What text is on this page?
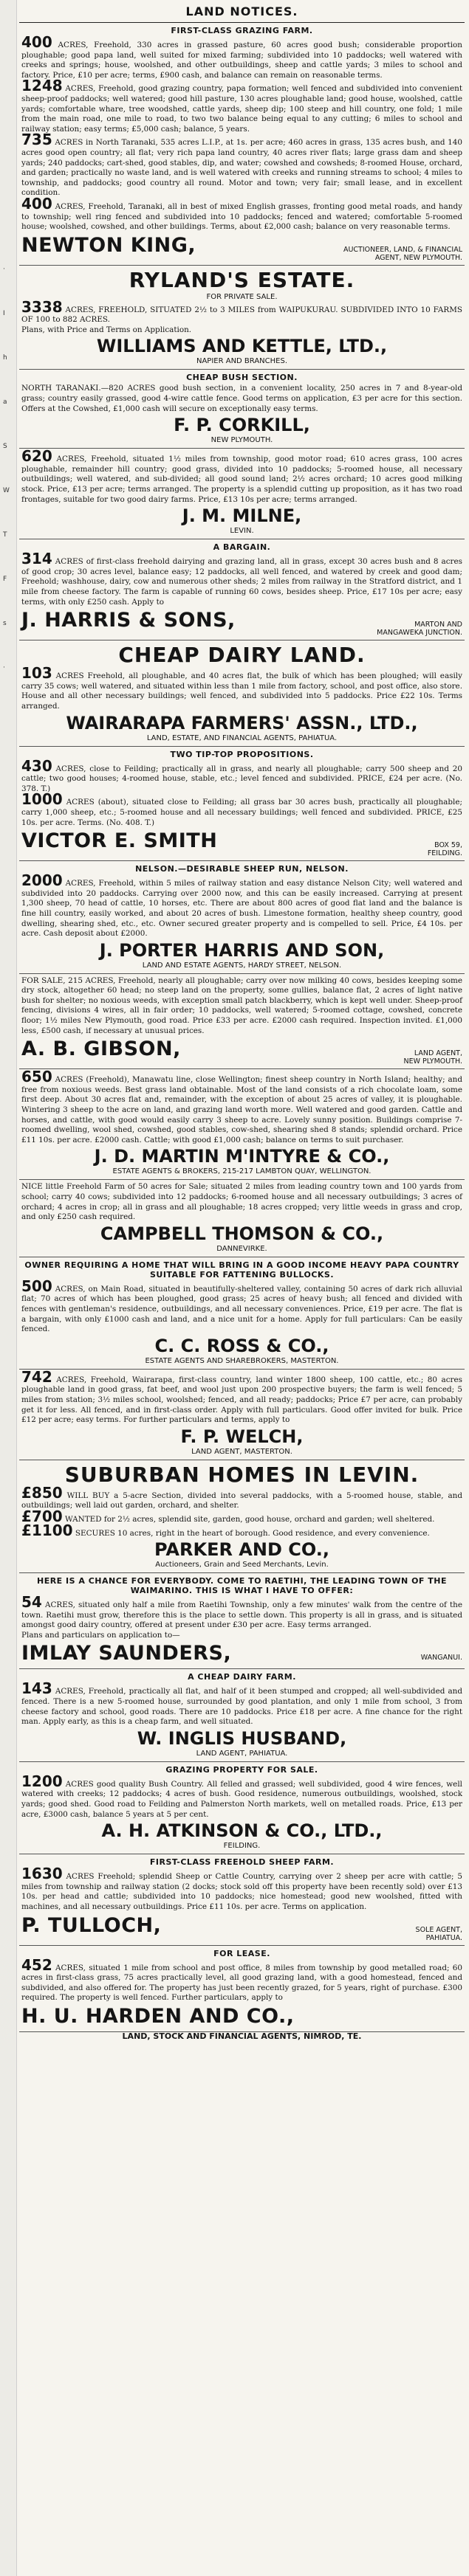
·
I
h
a
S
W
T
F
s
·
LAND NOTICES.
FIRST-CLASS GRAZING FARM.

400 ACRES, Freehold, 330 acres in grassed pasture, 60 acres good bush; considerable proportion ploughable; good papa land, well suited for mixed farming; subdivided into 10 paddocks; well watered with creeks and springs; house, woolshed, and other outbuildings, sheep and cattle yards; 3 miles to school and factory. Price, £10 per acre; terms, £900 cash, and balance can remain on reasonable terms.

1248 ACRES, Freehold, good grazing country, papa formation; well fenced and subdivided into convenient sheep-proof paddocks; well watered; good hill pasture, 130 acres ploughable land; good house, woolshed, cattle yards; comfortable whare, tree woodshed, cattle yards, sheep dip; 100 steep and hill country, one fold; 1 mile from the main road, one mile to road, to two two balance being equal to any cutting; 6 miles to school and railway station; easy terms; £5,000 cash; balance, 5 years.

735 ACRES in North Taranaki, 535 acres L.I.P., at 1s. per acre; 460 acres in grass, 135 acres bush, and 140 acres good open country; all flat; very rich papa land country, 40 acres river flats; large grass dam and sheep yards; 240 paddocks; cart-shed, good stables, dip, and water; cowshed and cowsheds; 8-roomed House, orchard, and garden; practically no waste land, and is well watered with creeks and running streams to school; 4 miles to township, and paddocks; good country all round. Motor and town; very fair; small lease, and in excellent condition.

400 ACRES, Freehold, Taranaki, all in best of mixed English grasses, fronting good metal roads, and handy to township; well ring fenced and subdivided into 10 paddocks; fenced and watered; comfortable 5-roomed house; woolshed, cowshed, and other buildings. Terms, about £2,000 cash; balance on very reasonable terms.

NEWTON KING,	AUCTIONEER, LAND, & FINANCIAL
AGENT, NEW PLYMOUTH.
RYLAND'S ESTATE.
FOR PRIVATE SALE.

3338 ACRES, FREEHOLD, SITUATED 2½ to 3 MILES from WAIPUKURAU. SUBDIVIDED INTO 10 FARMS OF 100 to 882 ACRES.

Plans, with Price and Terms on Application.

WILLIAMS AND KETTLE, LTD.,
NAPIER AND BRANCHES.
CHEAP BUSH SECTION.

NORTH TARANAKI.—820 ACRES good bush section, in a convenient locality, 250 acres in 7 and 8-year-old grass; country easily grassed, good 4-wire cattle fence. Good terms on application, £3 per acre for this section. Offers at the Cowshed, £1,000 cash will secure on exceptionally easy terms.

F. P. CORKILL,
NEW PLYMOUTH.

620 ACRES, Freehold, situated 1½ miles from township, good motor road; 610 acres grass, 100 acres ploughable, remainder hill country; good grass, divided into 10 paddocks; 5-roomed house, all necessary outbuildings; well watered, and sub-divided; all good sound land; 2½ acres orchard; 10 acres good milking stock. Price, £13 per acre; terms arranged. The property is a splendid cutting up proposition, as it has two road frontages, suitable for two good dairy farms. Price, £13 10s per acre; terms arranged.

J. M. MILNE,
LEVIN.
A BARGAIN.

314 ACRES of first-class freehold dairying and grazing land, all in grass, except 30 acres bush and 8 acres of good crop; 30 acres level, balance easy; 12 paddocks, all well fenced, and watered by creek and good dam; Freehold; washhouse, dairy, cow and numerous other sheds; 2 miles from railway in the Stratford district, and 1 mile from cheese factory. The farm is capable of running 60 cows, besides sheep. Price, £17 10s per acre; easy terms, with only £250 cash. Apply to

J. HARRIS & SONS,	MARTON AND
MANGAWEKA JUNCTION.
CHEAP DAIRY LAND.

103 ACRES Freehold, all ploughable, and 40 acres flat, the bulk of which has been ploughed; will easily carry 35 cows; well watered, and situated within less than 1 mile from factory, school, and post office, also store. House and all other necessary buildings; well fenced, and subdivided into 5 paddocks. Price £22 10s. Terms arranged.

WAIRARAPA FARMERS' ASSN., LTD.,
LAND, ESTATE, AND FINANCIAL AGENTS, PAHIATUA.
TWO TIP-TOP PROPOSITIONS.

430 ACRES, close to Feilding; practically all in grass, and nearly all ploughable; carry 500 sheep and 20 cattle; two good houses; 4-roomed house, stable, etc.; level fenced and subdivided. PRICE, £24 per acre. (No. 378. T.)

1000 ACRES (about), situated close to Feilding; all grass bar 30 acres bush, practically all ploughable; carry 1,000 sheep, etc.; 5-roomed house and all necessary buildings; well fenced and subdivided. PRICE, £25 10s. per acre. Terms. (No. 408. T.)

VICTOR E. SMITH	BOX 59,
FEILDING.
NELSON.—DESIRABLE SHEEP RUN, NELSON.

2000 ACRES, Freehold, within 5 miles of railway station and easy distance Nelson City; well watered and subdivided into 20 paddocks. Carrying over 2000 now, and this can be easily increased. Carrying at present 1,300 sheep, 70 head of cattle, 10 horses, etc. There are about 800 acres of good flat land and the balance is fine hill country, easily worked, and about 20 acres of bush. Limestone formation, healthy sheep country, good dwelling, shearing shed, etc., etc. Owner secured greater property and is compelled to sell. Price, £4 10s. per acre. Cash deposit about £2000.

J. PORTER HARRIS AND SON,
LAND AND ESTATE AGENTS, HARDY STREET, NELSON.

FOR SALE, 215 ACRES, Freehold, nearly all ploughable; carry over now milking 40 cows, besides keeping some dry stock, altogether 60 head; no steep land on the property, some gullies, balance flat, 2 acres of light native bush for shelter; no noxious weeds, with exception small patch blackberry, which is kept well under. Sheep-proof fencing, divisions 4 wires, all in fair order; 10 paddocks, well watered; 5-roomed cottage, cowshed, concrete floor; 1½ miles New Plymouth, good road. Price £33 per acre. £2000 cash required. Inspection invited. £1,000 less, £500 cash, if necessary at unusual prices.

A. B. GIBSON,	LAND AGENT,
NEW PLYMOUTH.

650 ACRES (Freehold), Manawatu line, close Wellington; finest sheep country in North Island; healthy; and free from noxious weeds. Best grass land obtainable. Most of the land consists of a rich chocolate loam, some first deep. About 30 acres flat and, remainder, with the exception of about 25 acres of valley, it is ploughable. Wintering 3 sheep to the acre on land, and grazing land worth more. Well watered and good garden. Cattle and horses, and cattle, with good would easily carry 3 sheep to acre. Lovely sunny position. Buildings comprise 7-roomed dwelling, wool shed, cowshed, good stables, cow-shed, shearing shed 8 stands; splendid orchard. Price £11 10s. per acre. £2000 cash. Cattle; with good £1,000 cash; balance on terms to suit purchaser.

J. D. MARTIN M'INTYRE & CO.,
ESTATE AGENTS & BROKERS, 215-217 LAMBTON QUAY, WELLINGTON.

NICE little Freehold Farm of 50 acres for Sale; situated 2 miles from leading country town and 100 yards from school; carry 40 cows; subdivided into 12 paddocks; 6-roomed house and all necessary outbuildings; 3 acres of orchard; 4 acres in crop; all in grass and all ploughable; 18 acres cropped; very little weeds in grass and crop, and only £250 cash required.

CAMPBELL THOMSON & CO.,
DANNEVIRKE.
OWNER REQUIRING A HOME THAT WILL BRING IN A GOOD INCOME HEAVY PAPA COUNTRY SUITABLE FOR FATTENING BULLOCKS.

500 ACRES, on Main Road, situated in beautifully-sheltered valley, containing 50 acres of dark rich alluvial flat; 70 acres of which has been ploughed, good grass; 25 acres of heavy bush; all fenced and divided with fences with gentleman's residence, outbuildings, and all necessary conveniences. Price, £19 per acre. The flat is a bargain, with only £1000 cash and land, and a nice unit for a home. Apply for full particulars: Can be easily fenced.

C. C. ROSS & CO.,
ESTATE AGENTS AND SHAREBROKERS, MASTERTON.

742 ACRES, Freehold, Wairarapa, first-class country, land winter 1800 sheep, 100 cattle, etc.; 80 acres ploughable land in good grass, fat beef, and wool just upon 200 prospective buyers; the farm is well fenced; 5 miles from station; 3½ miles school, woolshed; fenced, and all ready; paddocks; Price £7 per acre, can probably get it for less. All fenced, and in first-class order. Apply with full particulars. Good offer invited for bulk. Price £12 per acre; easy terms. For further particulars and terms, apply to

F. P. WELCH,
LAND AGENT, MASTERTON.
SUBURBAN HOMES IN LEVIN.

£850 WILL BUY a 5-acre Section, divided into several paddocks, with a 5-roomed house, stable, and outbuildings; well laid out garden, orchard, and shelter.

£700 WANTED for 2½ acres, splendid site, garden, good house, orchard and garden; well sheltered.

£1100 SECURES 10 acres, right in the heart of borough. Good residence, and every convenience.

PARKER AND CO.,
Auctioneers, Grain and Seed Merchants, Levin.
HERE IS A CHANCE FOR EVERYBODY. COME TO RAETIHI, THE LEADING TOWN OF THE WAIMARINO. THIS IS WHAT I HAVE TO OFFER:

54 ACRES, situated only half a mile from Raetihi Township, only a few minutes' walk from the centre of the town. Raetihi must grow, therefore this is the place to settle down. This property is all in grass, and is situated amongst good dairy country, offered at present under £30 per acre. Easy terms arranged.

Plans and particulars on application to—

IMLAY SAUNDERS,	WANGANUI.
A CHEAP DAIRY FARM.

143 ACRES, Freehold, practically all flat, and half of it been stumped and cropped; all well-subdivided and fenced. There is a new 5-roomed house, surrounded by good plantation, and only 1 mile from school, 3 from cheese factory and school, good roads. There are 10 paddocks. Price £18 per acre. A fine chance for the right man. Apply early, as this is a cheap farm, and well situated.

W. INGLIS HUSBAND,
LAND AGENT, PAHIATUA.
GRAZING PROPERTY FOR SALE.

1200 ACRES good quality Bush Country. All felled and grassed; well subdivided, good 4 wire fences, well watered with creeks; 12 paddocks; 4 acres of bush. Good residence, numerous outbuildings, woolshed, stock yards; good shed. Good road to Feilding and Palmerston North markets, well on metalled roads. Price, £13 per acre, £3000 cash, balance 5 years at 5 per cent.

A. H. ATKINSON & CO., LTD.,
FEILDING.
FIRST-CLASS FREEHOLD SHEEP FARM.

1630 ACRES Freehold; splendid Sheep or Cattle Country, carrying over 2 sheep per acre with cattle; 5 miles from township and railway station (2 docks; stock sold off this property have been recently sold) over £13 10s. per head and cattle; subdivided into 10 paddocks; nice homestead; good new woolshed, fitted with machines, and all necessary outbuildings. Price £11 10s. per acre. Terms on application.

P. TULLOCH,	SOLE AGENT,
PAHIATUA.
FOR LEASE.

452 ACRES, situated 1 mile from school and post office, 8 miles from township by good metalled road; 60 acres in first-class grass, 75 acres practically level, all good grazing land, with a good homestead, fenced and subdivided, and also offered for. The property has just been recently grazed, for 5 years, right of purchase. £300 required. The property is well fenced. Further particulars, apply to

H. U. HARDEN AND CO.,
LAND, STOCK AND FINANCIAL AGENTS, NIMROD, TE.
